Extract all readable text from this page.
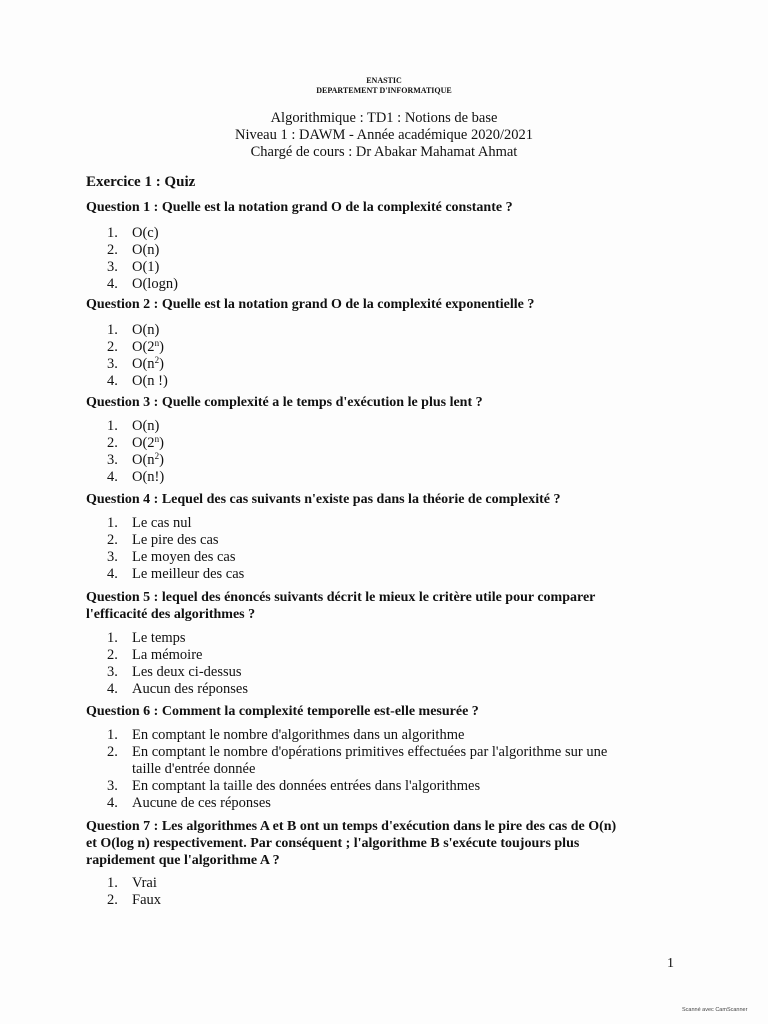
ENASTIC
DEPARTEMENT D'INFORMATIQUE
Algorithmique : TD1 : Notions de base
Niveau 1 : DAWM - Année académique 2020/2021
Chargé de cours : Dr Abakar Mahamat Ahmat
Exercice 1 : Quiz
Question 1 : Quelle est la notation grand O de la complexité constante ?
1. O(c)
2. O(n)
3. O(1)
4. O(logn)
Question 2 : Quelle est la notation grand O de la complexité exponentielle ?
1. O(n)
2. O(2$^n$)
3. $O(n^2)$
4. O(n !)
Question 3 : Quelle complexité a le temps d'exécution le plus lent ?
1. O(n)
2. O(2$^n$)
3. $O(n^2)$
4. O(n!)
Question 4 : Lequel des cas suivants n'existe pas dans la théorie de complexité ?
1. Le cas nul
2. Le pire des cas
3. Le moyen des cas
4. Le meilleur des cas
Question 5 : lequel des énoncés suivants décrit le mieux le critère utile pour comparer
l'efficacité des algorithmes ?
1. Le temps
2. La mémoire
3. Les deux ci-dessus
4. Aucun des réponses
Question 6 : Comment la complexité temporelle est-elle mesurée ?
1. En comptant le nombre d'algorithmes dans un algorithme
2. En comptant le nombre d'opérations primitives effectuées par l'algorithme sur une
taille d'entrée donnée
3. En comptant la taille des données entrées dans l'algorithmes
4. Aucune de ces réponses
Question 7 : Les algorithmes A et B ont un temps d'exécution dans le pire des cas de O(n)
et O(log n) respectivement. Par conséquent ; l'algorithme B s'exécute toujours plus
rapidement que l'algorithme A ?
1. Vrai
2. Faux
1
Scanné avec CamScanner
